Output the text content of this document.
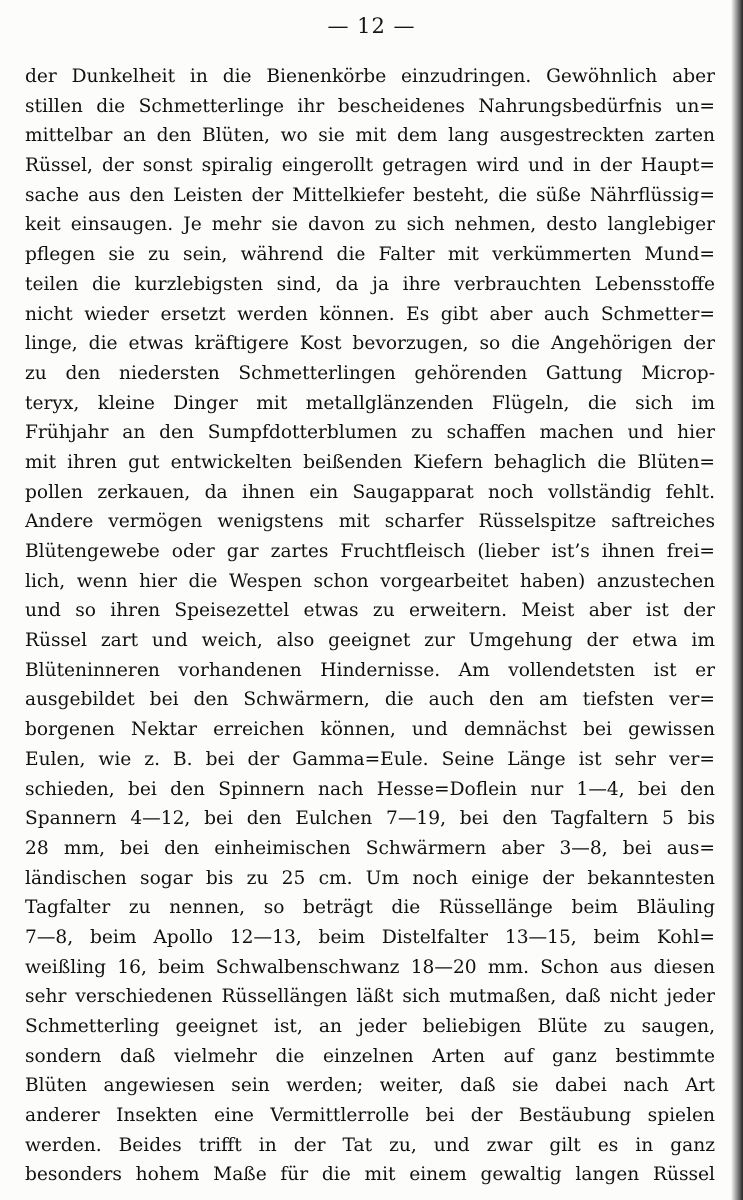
— 12 —
der Dunkelheit in die Bienenkörbe einzudringen. Gewöhnlich aber
stillen die Schmetterlinge ihr bescheidenes Nahrungsbedürfnis un=
mittelbar an den Blüten, wo sie mit dem lang ausgestreckten zarten
Rüssel, der sonst spiralig eingerollt getragen wird und in der Haupt=
sache aus den Leisten der Mittelkiefer besteht, die süße Nährflüssig=
keit einsaugen. Je mehr sie davon zu sich nehmen, desto langlebiger
pflegen sie zu sein, während die Falter mit verkümmerten Mund=
teilen die kurzlebigsten sind, da ja ihre verbrauchten Lebensstoffe
nicht wieder ersetzt werden können. Es gibt aber auch Schmetter=
linge, die etwas kräftigere Kost bevorzugen, so die Angehörigen der
zu den niedersten Schmetterlingen gehörenden Gattung Microp-
teryx, kleine Dinger mit metallglänzenden Flügeln, die sich im
Frühjahr an den Sumpfdotterblumen zu schaffen machen und hier
mit ihren gut entwickelten beißenden Kiefern behaglich die Blüten=
pollen zerkauen, da ihnen ein Saugapparat noch vollständig fehlt.
Andere vermögen wenigstens mit scharfer Rüsselspitze saftreiches
Blütengewebe oder gar zartes Fruchtfleisch (lieber ist’s ihnen frei=
lich, wenn hier die Wespen schon vorgearbeitet haben) anzustechen
und so ihren Speisezettel etwas zu erweitern. Meist aber ist der
Rüssel zart und weich, also geeignet zur Umgehung der etwa im
Blüteninneren vorhandenen Hindernisse. Am vollendetsten ist er
ausgebildet bei den Schwärmern, die auch den am tiefsten ver=
borgenen Nektar erreichen können, und demnächst bei gewissen
Eulen, wie z. B. bei der Gamma=Eule. Seine Länge ist sehr ver=
schieden, bei den Spinnern nach Hesse=Doflein nur 1—4, bei den
Spannern 4—12, bei den Eulchen 7—19, bei den Tagfaltern 5 bis
28 mm, bei den einheimischen Schwärmern aber 3—8, bei aus=
ländischen sogar bis zu 25 cm. Um noch einige der bekanntesten
Tagfalter zu nennen, so beträgt die Rüssellänge beim Bläuling
7—8, beim Apollo 12—13, beim Distelfalter 13—15, beim Kohl=
weißling 16, beim Schwalbenschwanz 18—20 mm. Schon aus diesen
sehr verschiedenen Rüssellängen läßt sich mutmaßen, daß nicht jeder
Schmetterling geeignet ist, an jeder beliebigen Blüte zu saugen,
sondern daß vielmehr die einzelnen Arten auf ganz bestimmte
Blüten angewiesen sein werden; weiter, daß sie dabei nach Art
anderer Insekten eine Vermittlerrolle bei der Bestäubung spielen
werden. Beides trifft in der Tat zu, und zwar gilt es in ganz
besonders hohem Maße für die mit einem gewaltig langen Rüssel
